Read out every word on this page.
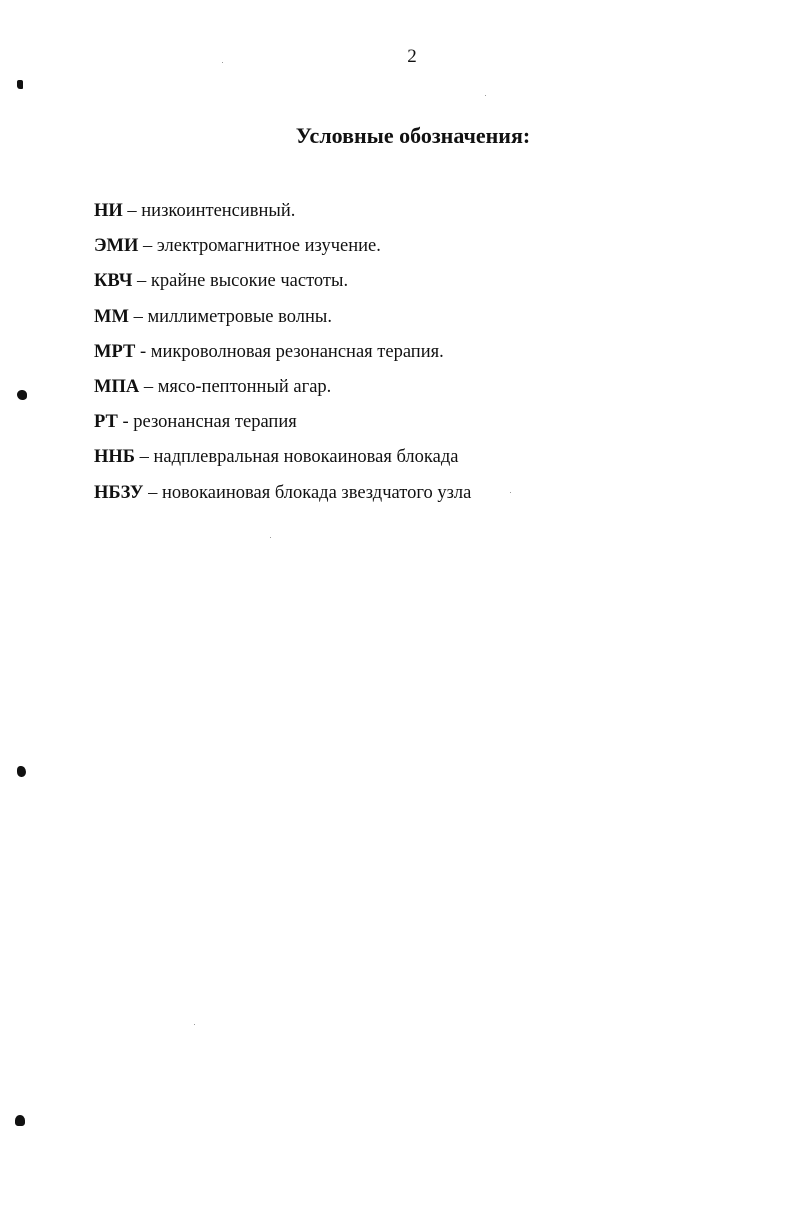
2
Условные обозначения:
НИ – низкоинтенсивный.
ЭМИ – электромагнитное изучение.
КВЧ – крайне высокие частоты.
ММ – миллиметровые волны.
МРТ - микроволновая резонансная терапия.
МПА – мясо-пептонный агар.
РТ - резонансная терапия
ННБ – надплевральная новокаиновая блокада
НБЗУ – новокаиновая блокада звездчатого узла
